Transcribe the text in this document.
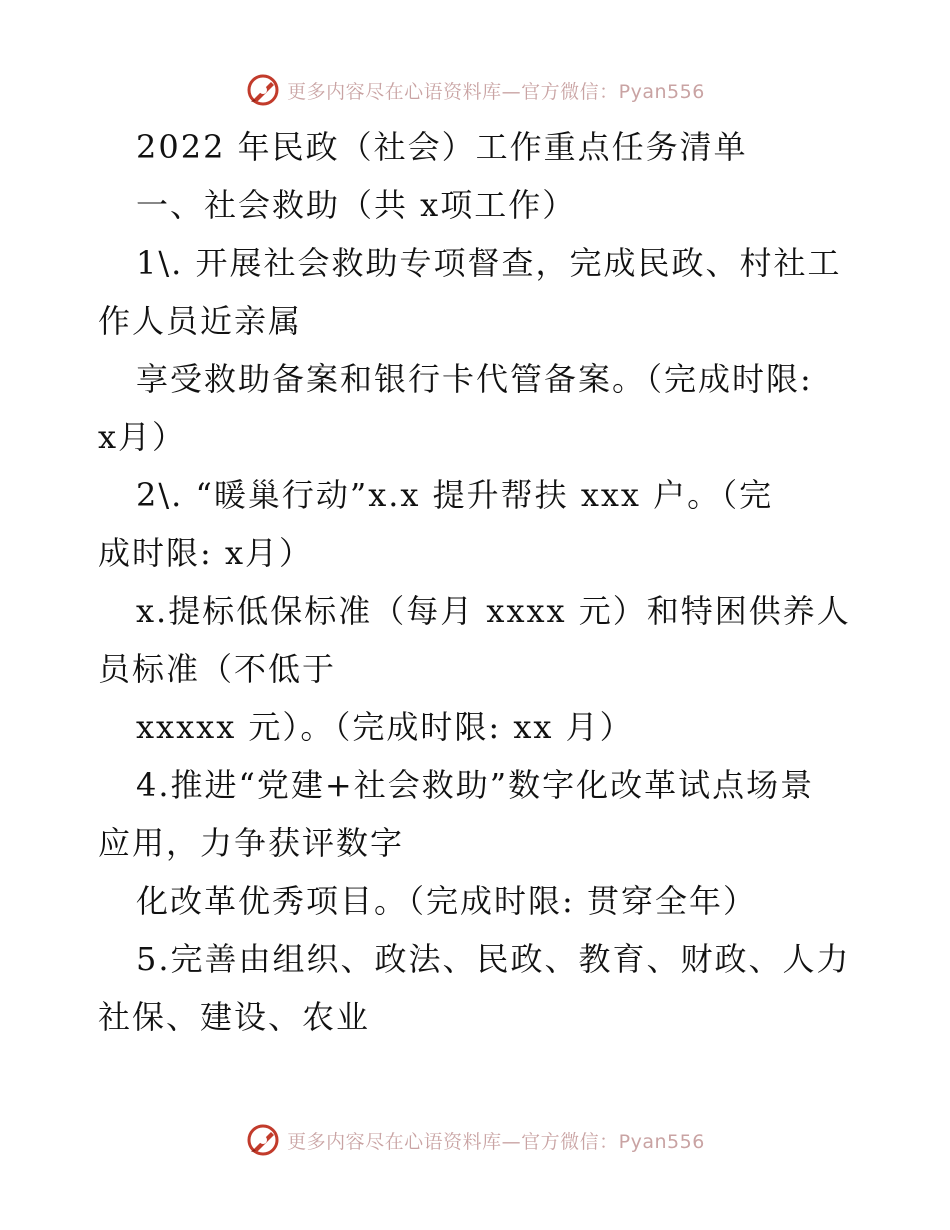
更多内容尽在心语资料库—官方微信：Pyan556
2022 年民政（社会）工作重点任务清单
一、社会救助（共 x项工作）
1\. 开展社会救助专项督查，完成民政、村社工
作人员近亲属
享受救助备案和银行卡代管备案。（完成时限:
x月）
2\. “暖巢行动”x.x 提升帮扶 xxx 户。（完
成时限: x月）
x.提标低保标准（每月 xxxx 元）和特困供养人
员标准（不低于
xxxxx 元）。（完成时限: xx 月）
4.推进“党建+社会救助”数字化改革试点场景
应用，力争获评数字
化改革优秀项目。（完成时限: 贯穿全年）
5.完善由组织、政法、民政、教育、财政、人力
社保、建设、农业
更多内容尽在心语资料库—官方微信：Pyan556
